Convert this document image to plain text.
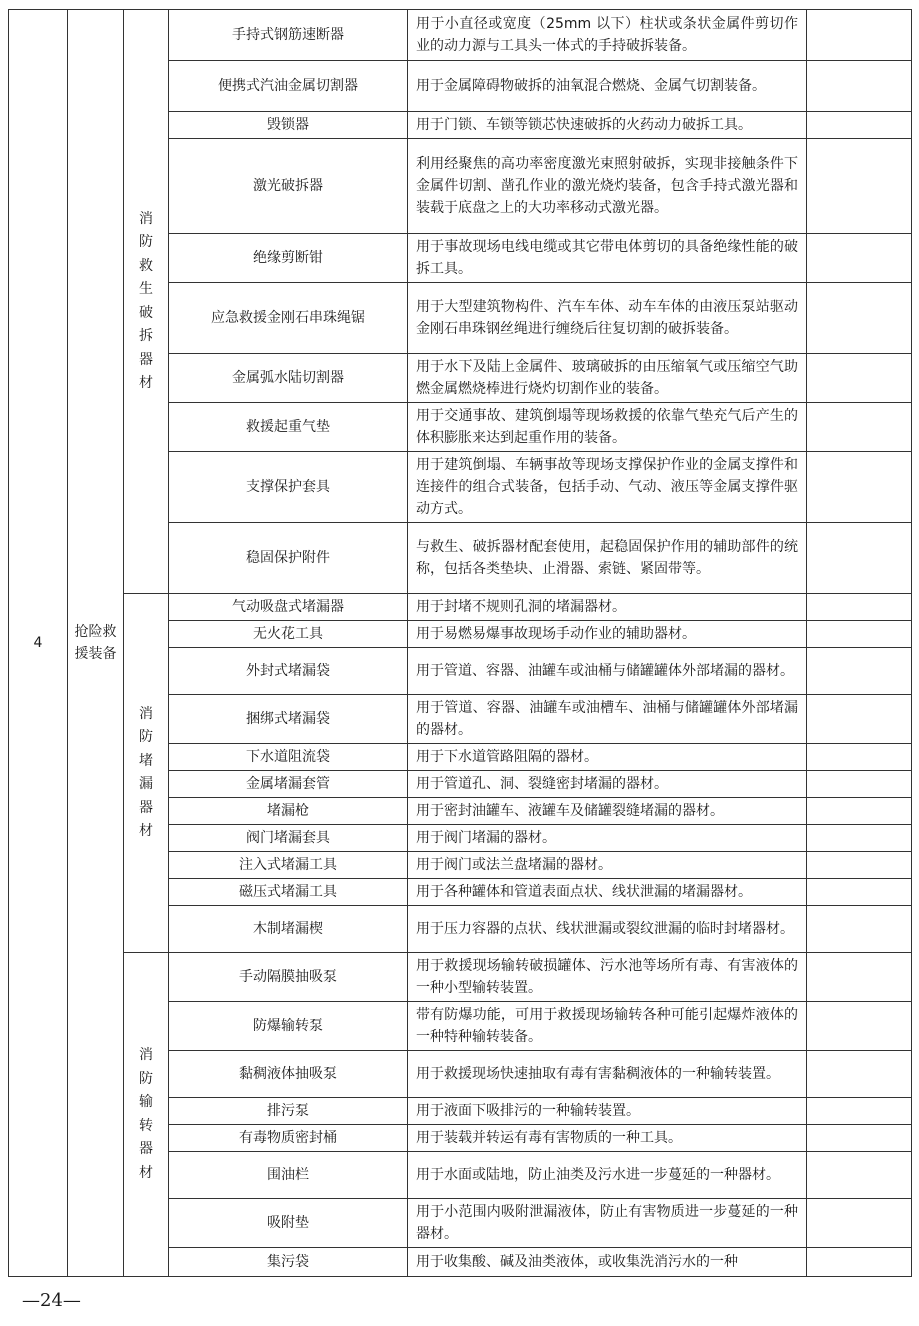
4	抢险救援装备	消防救生破拆器材	手持式钢筋速断器	用于小直径或宽度（25mm 以下）柱状或条状金属件剪切作业的动力源与工具头一体式的手持破拆装备。	
			便携式汽油金属切割器	用于金属障碍物破拆的油氧混合燃烧、金属气切割装备。	
			毁锁器	用于门锁、车锁等锁芯快速破拆的火药动力破拆工具。	
			激光破拆器	利用经聚焦的高功率密度激光束照射破拆，实现非接触条件下金属件切割、凿孔作业的激光烧灼装备，包含手持式激光器和装载于底盘之上的大功率移动式激光器。	
			绝缘剪断钳	用于事故现场电线电缆或其它带电体剪切的具备绝缘性能的破拆工具。	
			应急救援金刚石串珠绳锯	用于大型建筑物构件、汽车车体、动车车体的由液压泵站驱动金刚石串珠钢丝绳进行缠绕后往复切割的破拆装备。	
			金属弧水陆切割器	用于水下及陆上金属件、玻璃破拆的由压缩氧气或压缩空气助燃金属燃烧棒进行烧灼切割作业的装备。	
			救援起重气垫	用于交通事故、建筑倒塌等现场救援的依靠气垫充气后产生的体积膨胀来达到起重作用的装备。	
			支撑保护套具	用于建筑倒塌、车辆事故等现场支撑保护作业的金属支撑件和连接件的组合式装备，包括手动、气动、液压等金属支撑件驱动方式。	
			稳固保护附件	与救生、破拆器材配套使用，起稳固保护作用的辅助部件的统称，包括各类垫块、止滑器、索链、紧固带等。	
		消防堵漏器材	气动吸盘式堵漏器	用于封堵不规则孔洞的堵漏器材。	
			无火花工具	用于易燃易爆事故现场手动作业的辅助器材。	
			外封式堵漏袋	用于管道、容器、油罐车或油桶与储罐罐体外部堵漏的器材。	
			捆绑式堵漏袋	用于管道、容器、油罐车或油槽车、油桶与储罐罐体外部堵漏的器材。	
			下水道阻流袋	用于下水道管路阻隔的器材。	
			金属堵漏套管	用于管道孔、洞、裂缝密封堵漏的器材。	
			堵漏枪	用于密封油罐车、液罐车及储罐裂缝堵漏的器材。	
			阀门堵漏套具	用于阀门堵漏的器材。	
			注入式堵漏工具	用于阀门或法兰盘堵漏的器材。	
			磁压式堵漏工具	用于各种罐体和管道表面点状、线状泄漏的堵漏器材。	
			木制堵漏楔	用于压力容器的点状、线状泄漏或裂纹泄漏的临时封堵器材。	
		消防输转器材	手动隔膜抽吸泵	用于救援现场输转破损罐体、污水池等场所有毒、有害液体的一种小型输转装置。	
			防爆输转泵	带有防爆功能，可用于救援现场输转各种可能引起爆炸液体的一种特种输转装备。	
			黏稠液体抽吸泵	用于救援现场快速抽取有毒有害黏稠液体的一种输转装置。	
			排污泵	用于液面下吸排污的一种输转装置。	
			有毒物质密封桶	用于装载并转运有毒有害物质的一种工具。	
			围油栏	用于水面或陆地，防止油类及污水进一步蔓延的一种器材。	
			吸附垫	用于小范围内吸附泄漏液体，防止有害物质进一步蔓延的一种器材。	
			集污袋	用于收集酸、碱及油类液体，或收集洗消污水的一种	
—24—
